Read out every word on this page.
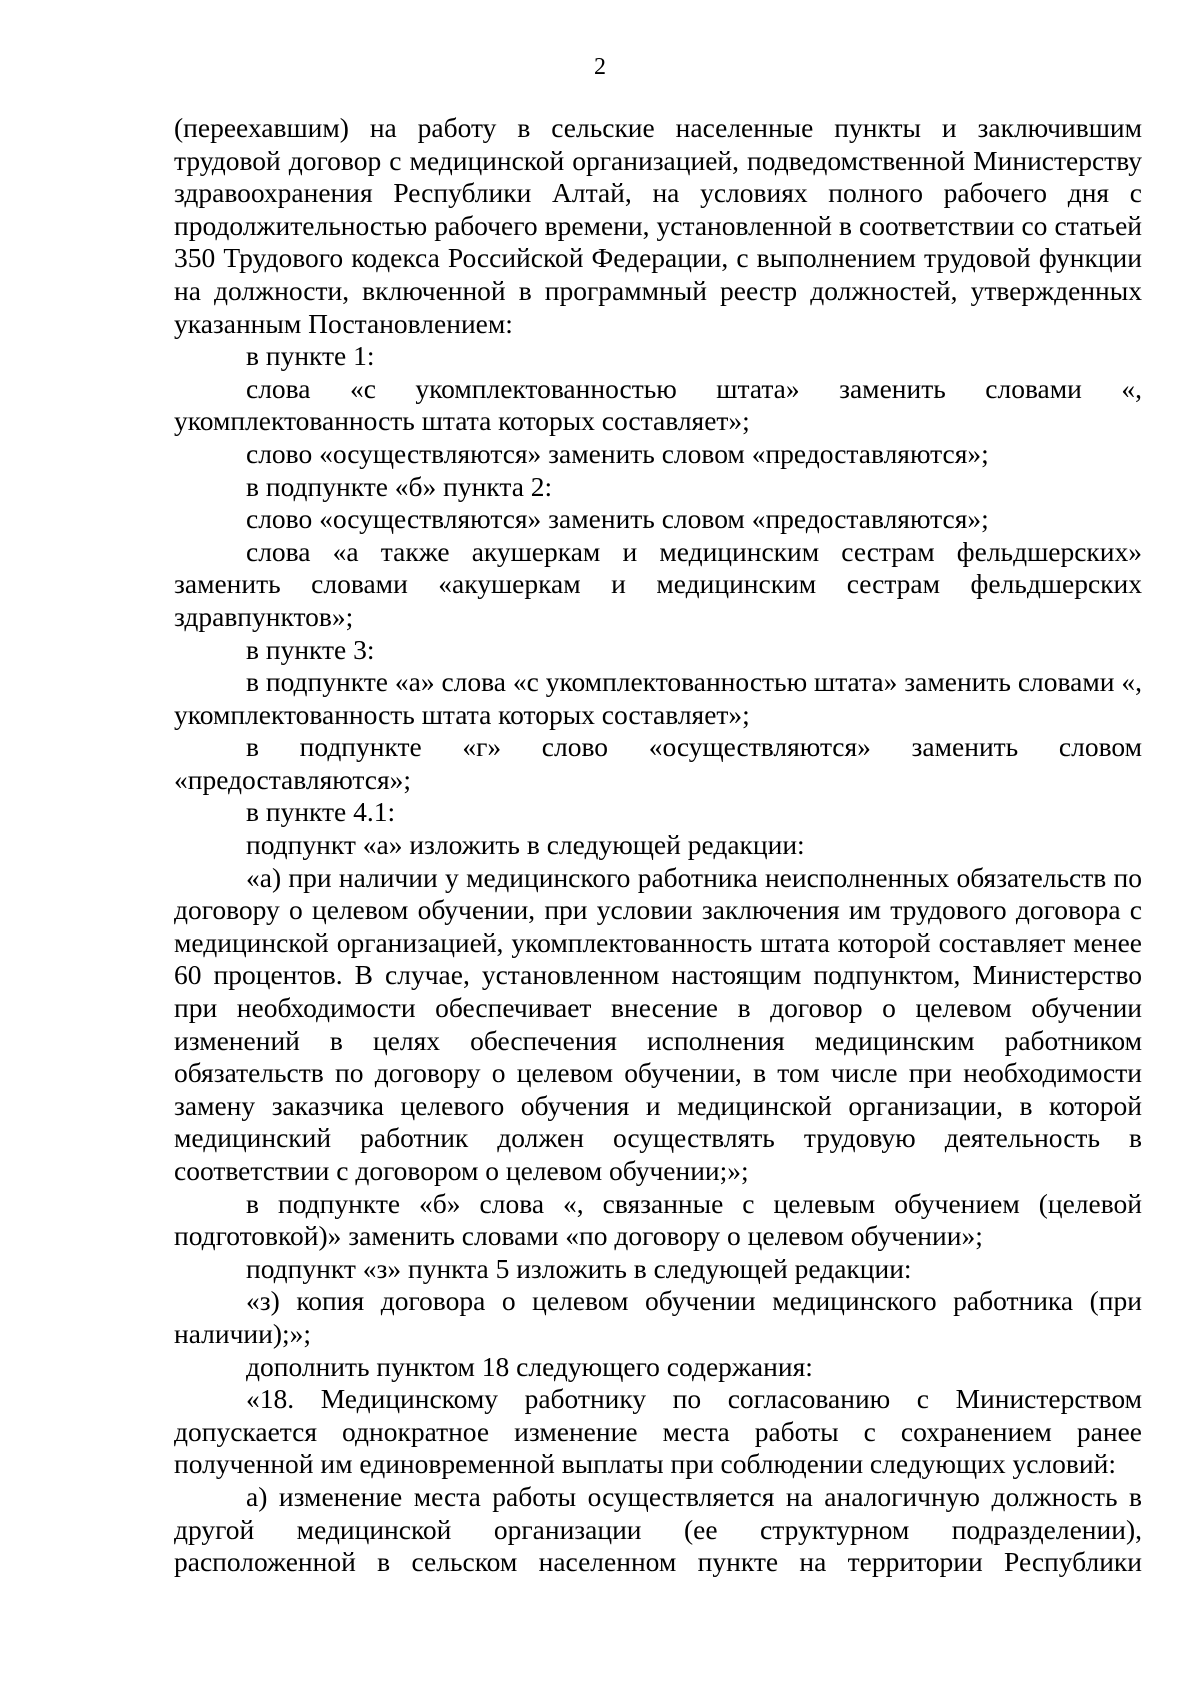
2

(переехавшим) на работу в сельские населенные пункты и заключившим трудовой договор с медицинской организацией, подведомственной Министерству здравоохранения Республики Алтай, на условиях полного рабочего дня с продолжительностью рабочего времени, установленной в соответствии со статьей 350 Трудового кодекса Российской Федерации, с выполнением трудовой функции на должности, включенной в программный реестр должностей, утвержденных указанным Постановлением:

в пункте 1:

слова «с укомплектованностью штата» заменить словами «, укомплектованность штата которых составляет»;

слово «осуществляются» заменить словом «предоставляются»;

в подпункте «б» пункта 2:

слово «осуществляются» заменить словом «предоставляются»;

слова «а также акушеркам и медицинским сестрам фельдшерских» заменить словами «акушеркам и медицинским сестрам фельдшерских здравпунктов»;

в пункте 3:

в подпункте «а» слова «с укомплектованностью штата» заменить словами «, укомплектованность штата которых составляет»;

в подпункте «г» слово «осуществляются» заменить словом «предоставляются»;

в пункте 4.1:

подпункт «а» изложить в следующей редакции:

«а) при наличии у медицинского работника неисполненных обязательств по договору о целевом обучении, при условии заключения им трудового договора с медицинской организацией, укомплектованность штата которой составляет менее 60 процентов. В случае, установленном настоящим подпунктом, Министерство при необходимости обеспечивает внесение в договор о целевом обучении изменений в целях обеспечения исполнения медицинским работником обязательств по договору о целевом обучении, в том числе при необходимости замену заказчика целевого обучения и медицинской организации, в которой медицинский работник должен осуществлять трудовую деятельность в соответствии с договором о целевом обучении;»;

в подпункте «б» слова «, связанные с целевым обучением (целевой подготовкой)» заменить словами «по договору о целевом обучении»;

подпункт «з» пункта 5 изложить в следующей редакции:

«з) копия договора о целевом обучении медицинского работника (при наличии);»;

дополнить пунктом 18 следующего содержания:

«18. Медицинскому работнику по согласованию с Министерством допускается однократное изменение места работы с сохранением ранее полученной им единовременной выплаты при соблюдении следующих условий:

а) изменение места работы осуществляется на аналогичную должность в другой медицинской организации (ее структурном подразделении), расположенной в сельском населенном пункте на территории Республики
